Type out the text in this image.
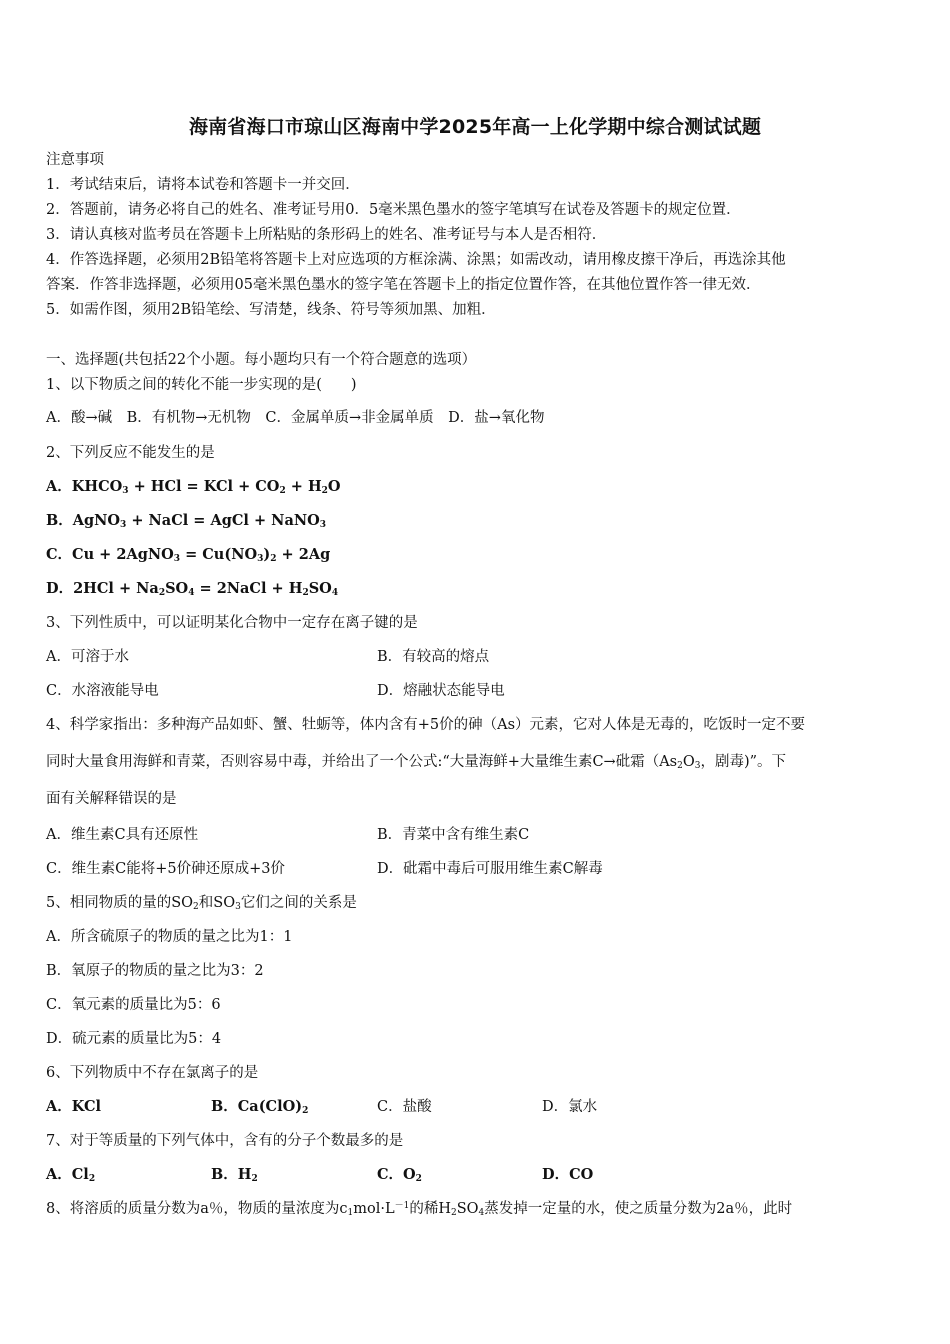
海南省海口市琼山区海南中学2025年高一上化学期中综合测试试题
注意事项
1．考试结束后，请将本试卷和答题卡一并交回．
2．答题前，请务必将自己的姓名、准考证号用0．5毫米黑色墨水的签字笔填写在试卷及答题卡的规定位置．
3．请认真核对监考员在答题卡上所粘贴的条形码上的姓名、准考证号与本人是否相符．
4．作答选择题，必须用2B铅笔将答题卡上对应选项的方框涂满、涂黑；如需改动，请用橡皮擦干净后，再选涂其他
答案．作答非选择题，必须用05毫米黑色墨水的签字笔在答题卡上的指定位置作答，在其他位置作答一律无效．
5．如需作图，须用2B铅笔绘、写清楚，线条、符号等须加黑、加粗．
一、选择题(共包括22个小题。每小题均只有一个符合题意的选项）
1、以下物质之间的转化不能一步实现的是(　　)
A．酸→碱　B．有机物→无机物　C．金属单质→非金属单质　D．盐→氧化物
2、下列反应不能发生的是
A．$KHCO_3$ + HCl = KCl + $CO_2 + H_2O$
B．AgNO$_3$ + NaCl = AgCl + NaNO$_3$
C．Cu + 2AgNO$_3$ = $Cu(NO_3)_2 + 2Ag$
D．$2HCl + Na_2SO_4$ = 2NaCl + $H_2SO_4$
3、下列性质中，可以证明某化合物中一定存在离子键的是
A．可溶于水	B．有较高的熔点
C．水溶液能导电	D．熔融状态能导电
4、科学家指出：多种海产品如虾、蟹、牡蛎等，体内含有+5价的砷（As）元素，它对人体是无毒的，吃饭时一定不要
同时大量食用海鲜和青菜，否则容易中毒，并给出了一个公式:“大量海鲜+大量维生素C→砒霜（$As_2O_3$，剧毒)”。下
面有关解释错误的是
A．维生素C具有还原性	B．青菜中含有维生素C
C．维生素C能将+5价砷还原成+3价	D．砒霜中毒后可服用维生素C解毒
5、相同物质的量的$SO_2$和$SO_3$它们之间的关系是
A．所含硫原子的物质的量之比为1：1
B．氧原子的物质的量之比为3：2
C．氧元素的质量比为5：6
D．硫元素的质量比为5：4
6、下列物质中不存在氯离子的是
A．KCl	B．$Ca(ClO)_2$	C．盐酸	D．氯水
7、对于等质量的下列气体中，含有的分子个数最多的是
A．$Cl_2$	B．$H_2$	C．$O_2$	D．CO
8、将溶质的质量分数为a％，物质的量浓度为$c_1mol\cdot L^{-1}$的稀$H_2SO_4$蒸发掉一定量的水，使之质量分数为2a％，此时
